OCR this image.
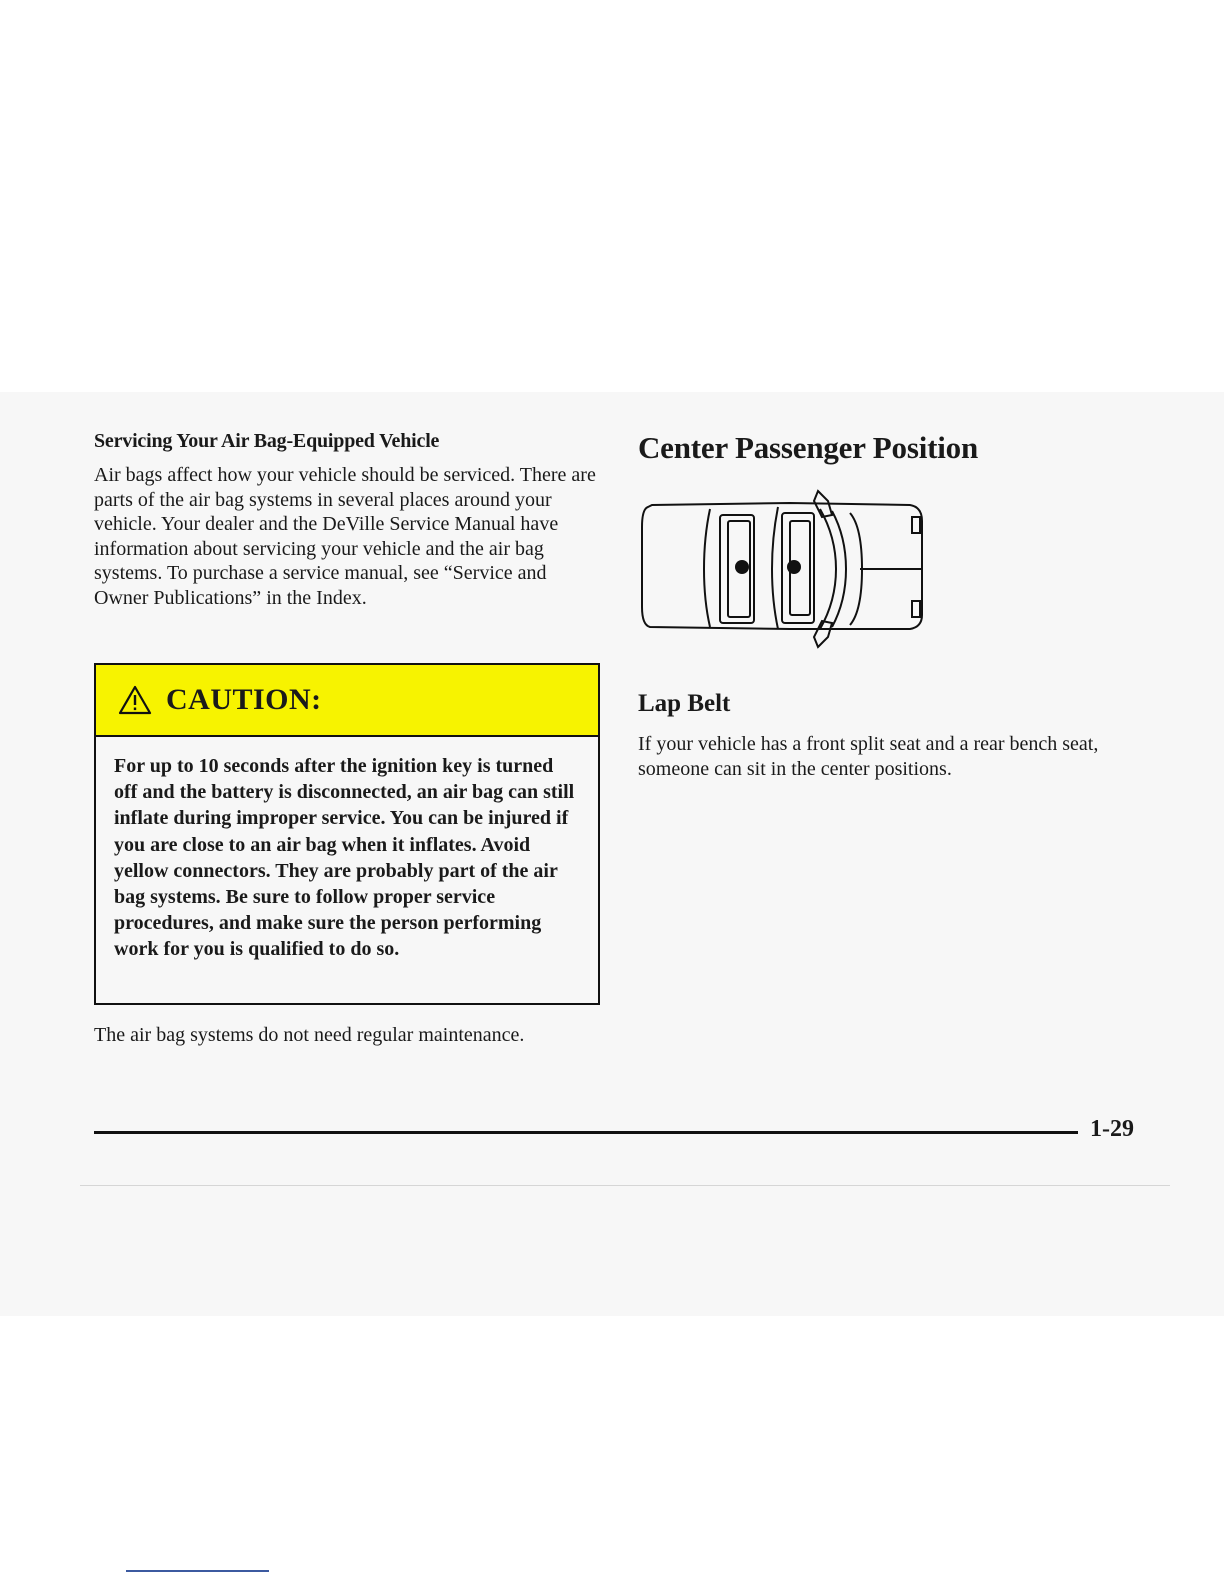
Servicing Your Air Bag-Equipped Vehicle

Air bags affect how your vehicle should be serviced. There are parts of the air bag systems in several places around your vehicle. Your dealer and the DeVille Service Manual have information about servicing your vehicle and the air bag systems. To purchase a service manual, see “Service and Owner Publications” in the Index.

CAUTION:
For up to 10 seconds after the ignition key is turned off and the battery is disconnected, an air bag can still inflate during improper service. You can be injured if you are close to an air bag when it inflates. Avoid yellow connectors. They are probably part of the air bag systems. Be sure to follow proper service procedures, and make sure the person performing work for you is qualified to do so.
The air bag systems do not need regular maintenance.
Center Passenger Position
Lap Belt
If your vehicle has a front split seat and a rear bench seat, someone can sit in the center positions.
1-29
